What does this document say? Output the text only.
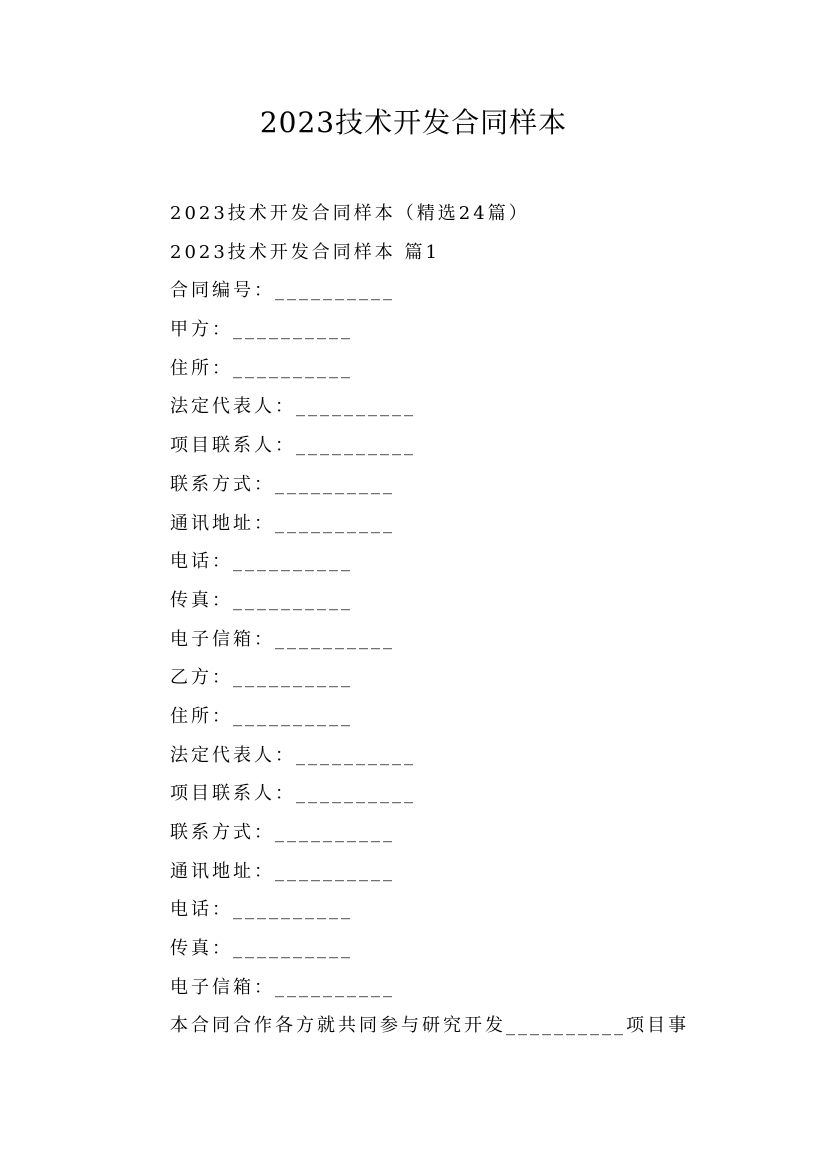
2023技术开发合同样本
2023技术开发合同样本（精选24篇）
2023技术开发合同样本 篇1
合同编号：__________
甲方：__________
住所：__________
法定代表人：__________
项目联系人：__________
联系方式：__________
通讯地址：__________
电话：__________
传真：__________
电子信箱：__________
乙方：__________
住所：__________
法定代表人：__________
项目联系人：__________
联系方式：__________
通讯地址：__________
电话：__________
传真：__________
电子信箱：__________
本合同合作各方就共同参与研究开发__________项目事
